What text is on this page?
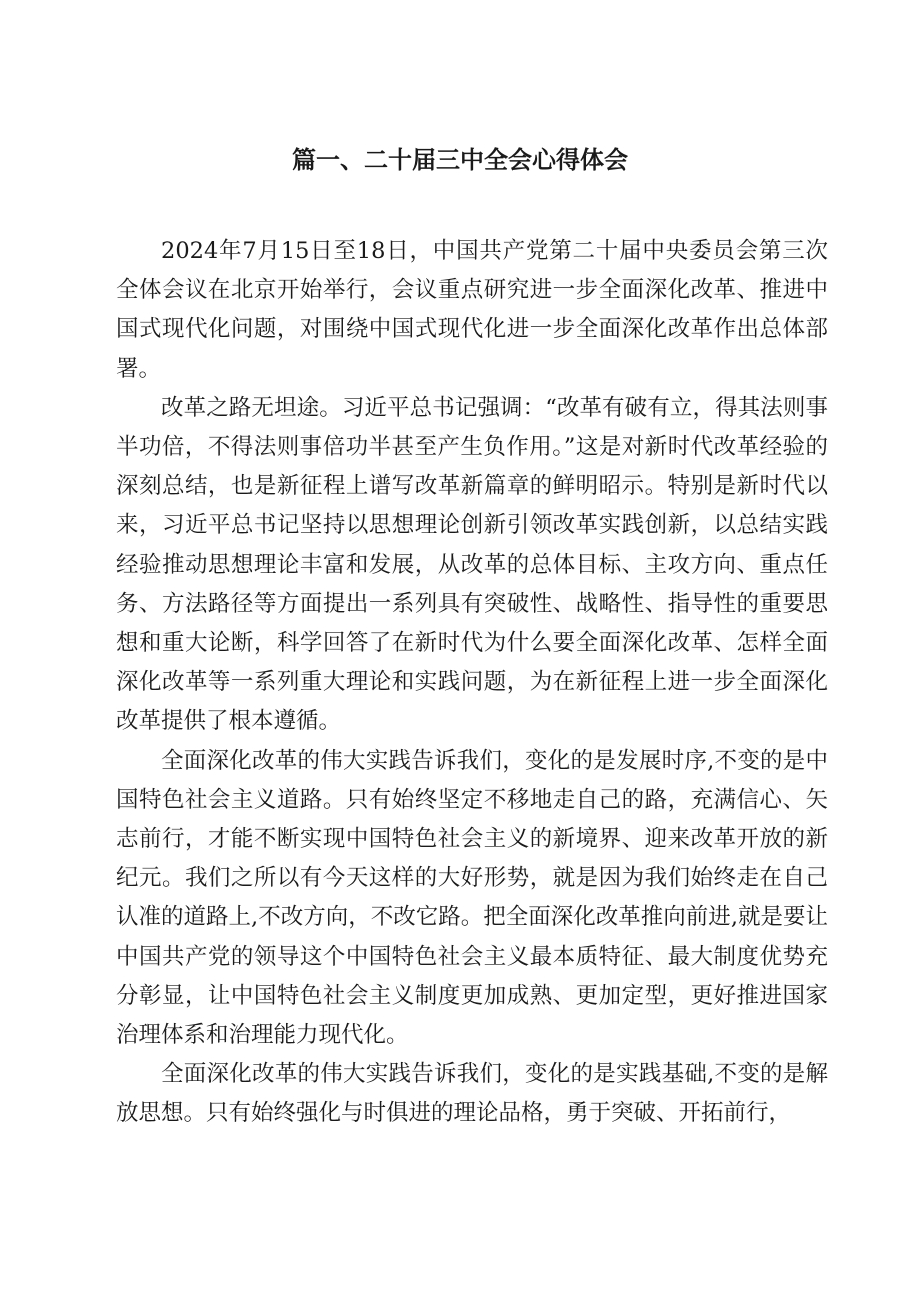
篇一、二十届三中全会心得体会

2024年7月15日至18日，中国共产党第二十届中央委员会第三次全体会议在北京开始举行，会议重点研究进一步全面深化改革、推进中国式现代化问题，对围绕中国式现代化进一步全面深化改革作出总体部署。

改革之路无坦途。习近平总书记强调：“改革有破有立，得其法则事半功倍，不得法则事倍功半甚至产生负作用。”这是对新时代改革经验的深刻总结，也是新征程上谱写改革新篇章的鲜明昭示。特别是新时代以来，习近平总书记坚持以思想理论创新引领改革实践创新，以总结实践经验推动思想理论丰富和发展，从改革的总体目标、主攻方向、重点任务、方法路径等方面提出一系列具有突破性、战略性、指导性的重要思想和重大论断，科学回答了在新时代为什么要全面深化改革、怎样全面深化改革等一系列重大理论和实践问题，为在新征程上进一步全面深化改革提供了根本遵循。

全面深化改革的伟大实践告诉我们，变化的是发展时序,不变的是中国特色社会主义道路。只有始终坚定不移地走自己的路，充满信心、矢志前行，才能不断实现中国特色社会主义的新境界、迎来改革开放的新纪元。我们之所以有今天这样的大好形势，就是因为我们始终走在自己认准的道路上,不改方向，不改它路。把全面深化改革推向前进,就是要让中国共产党的领导这个中国特色社会主义最本质特征、最大制度优势充分彰显，让中国特色社会主义制度更加成熟、更加定型，更好推进国家治理体系和治理能力现代化。

全面深化改革的伟大实践告诉我们，变化的是实践基础,不变的是解放思想。只有始终强化与时俱进的理论品格，勇于突破、开拓前行，
